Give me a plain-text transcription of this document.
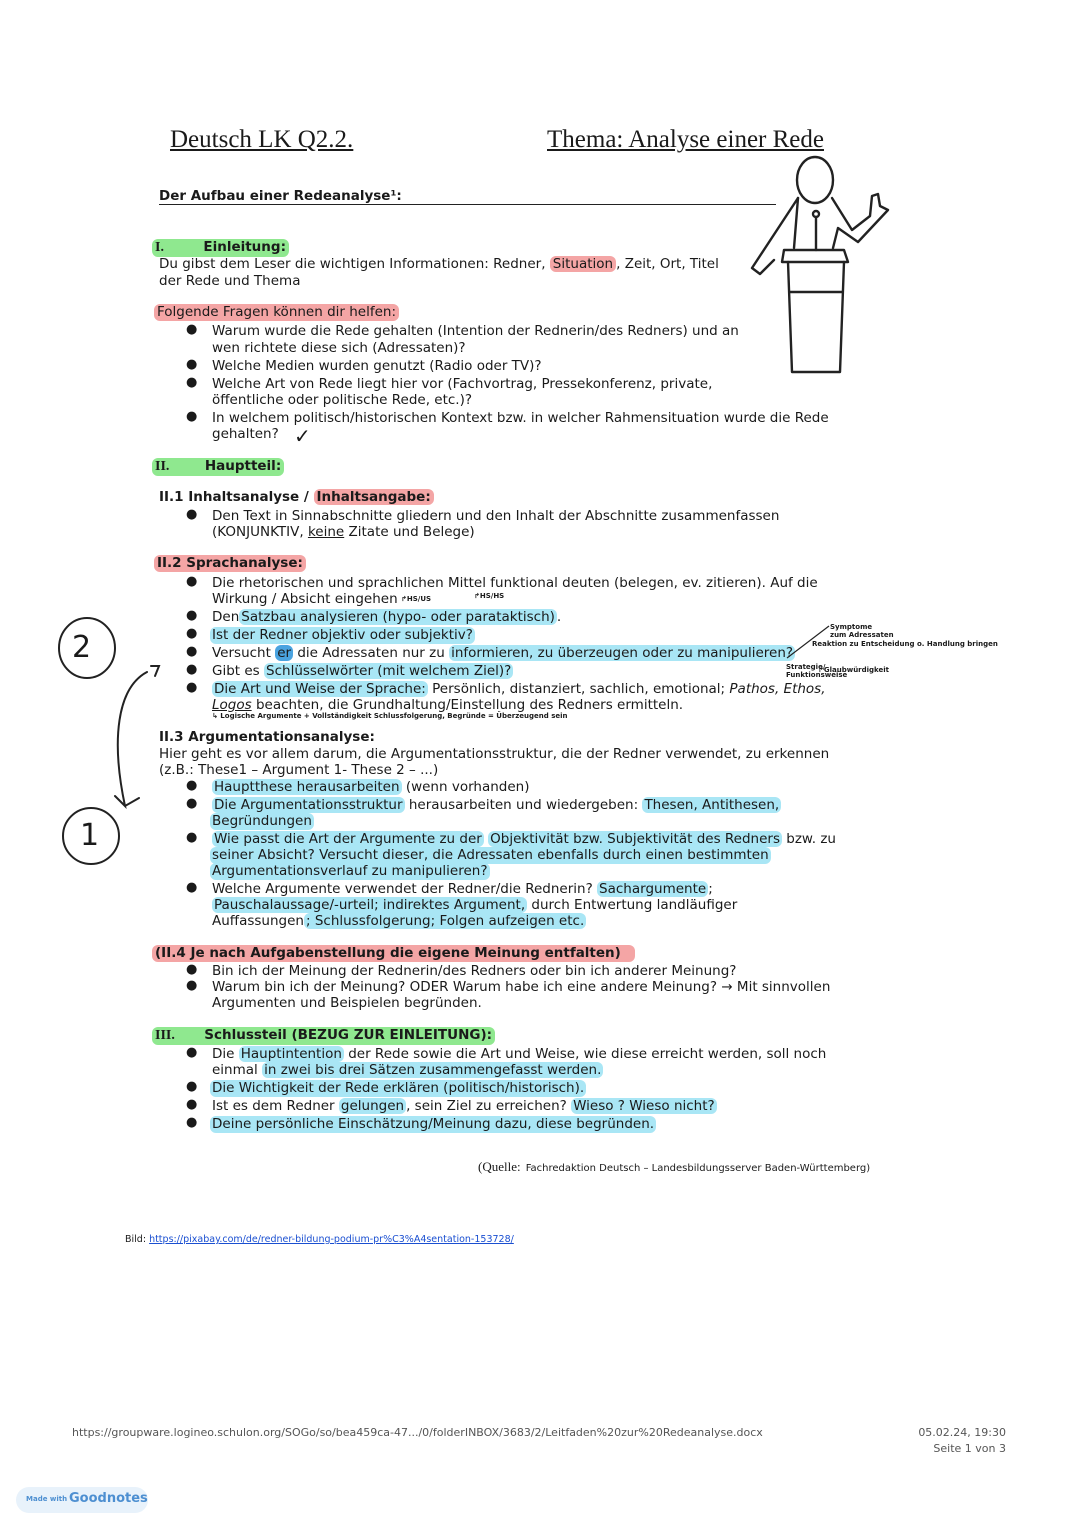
Deutsch LK Q2.2.	Thema: Analyse einer Rede
Der Aufbau einer Redeanalyse¹:
I.	Einleitung:
Du gibst dem Leser die wichtigen Informationen: Redner, Situation , Zeit, Ort, Titel
der Rede und Thema
Folgende Fragen können dir helfen:
● Warum wurde die Rede gehalten (Intention der Rednerin/des Redners) und an
wen richtete diese sich (Adressaten)?
● Welche Medien wurden genutzt (Radio oder TV)?
● Welche Art von Rede liegt hier vor (Fachvortrag, Pressekonferenz, private,
öffentliche oder politische Rede, etc.)?
● In welchem politisch/historischen Kontext bzw. in welcher Rahmensituation wurde die Rede
gehalten? ✓
II.	Hauptteil:
II.1 Inhaltsanalyse / Inhaltsangabe:
● Den Text in Sinnabschnitte gliedern und den Inhalt der Abschnitte zusammenfassen
(KONJUNKTIV, keine Zitate und Belege)
II.2 Sprachanalyse:
● Die rhetorischen und sprachlichen Mittel funktional deuten (belegen, ev. zitieren). Auf die
Wirkung / Absicht eingehen ↱HS/US	↱HS/HS
● Den Satzbau analysieren (hypo- oder parataktisch) .
● Ist der Redner objektiv oder subjektiv?
● Versucht er die Adressaten nur zu informieren, zu überzeugen oder zu manipulieren?
● Gibt es Schlüsselwörter (mit welchem Ziel)?
● Die Art und Weise der Sprache: Persönlich, distanziert, sachlich, emotional; Pathos, Ethos,
Logos beachten, die Grundhaltung/Einstellung des Redners ermitteln.
↳ Logische Argumente + Vollständigkeit Schlussfolgerung, Begründe = Überzeugend sein
Symptome
zum Adressaten
Reaktion zu Entscheidung o. Handlung bringen
Strategie/
Funktionsweise
↱Glaubwürdigkeit
2
1
II.3 Argumentationsanalyse:
Hier geht es vor allem darum, die Argumentationsstruktur, die der Redner verwendet, zu erkennen
(z.B.: These1 – Argument 1- These 2 – ...)
● Hauptthese herausarbeiten (wenn vorhanden)
● Die Argumentationsstruktur herausarbeiten und wiedergeben: Thesen, Antithesen,
Begründungen
● Wie passt die Art der Argumente zu der Objektivität bzw. Subjektivität des Redners bzw. zu
seiner Absicht? Versucht dieser, die Adressaten ebenfalls durch einen bestimmten
Argumentationsverlauf zu manipulieren?
● Welche Argumente verwendet der Redner/die Rednerin? Sachargumente ;
Pauschalaussage/-urteil; indirektes Argument, durch Entwertung landläufiger
Auffassungen ; Schlussfolgerung; Folgen aufzeigen etc.
(II.4 Je nach Aufgabenstellung die eigene Meinung entfalten)
● Bin ich der Meinung der Rednerin/des Redners oder bin ich anderer Meinung?
● Warum bin ich der Meinung? ODER Warum habe ich eine andere Meinung? → Mit sinnvollen
Argumenten und Beispielen begründen.
III. Schlussteil (BEZUG ZUR EINLEITUNG):
● Die Hauptintention der Rede sowie die Art und Weise, wie diese erreicht werden, soll noch
einmal in zwei bis drei Sätzen zusammengefasst werden.
● Die Wichtigkeit der Rede erklären (politisch/historisch).
● Ist es dem Redner gelungen , sein Ziel zu erreichen? Wieso ? Wieso nicht?
● Deine persönliche Einschätzung/Meinung dazu, diese begründen.
(Quelle: Fachredaktion Deutsch – Landesbildungsserver Baden-Württemberg)
Bild: https://pixabay.com/de/redner-bildung-podium-pr%C3%A4sentation-153728/
https://groupware.logineo.schulon.org/SOGo/so/bea459ca-47.../0/folderINBOX/3683/2/Leitfaden%20zur%20Redeanalyse.docx	05.02.24, 19:30
Seite 1 von 3
Made with Goodnotes
